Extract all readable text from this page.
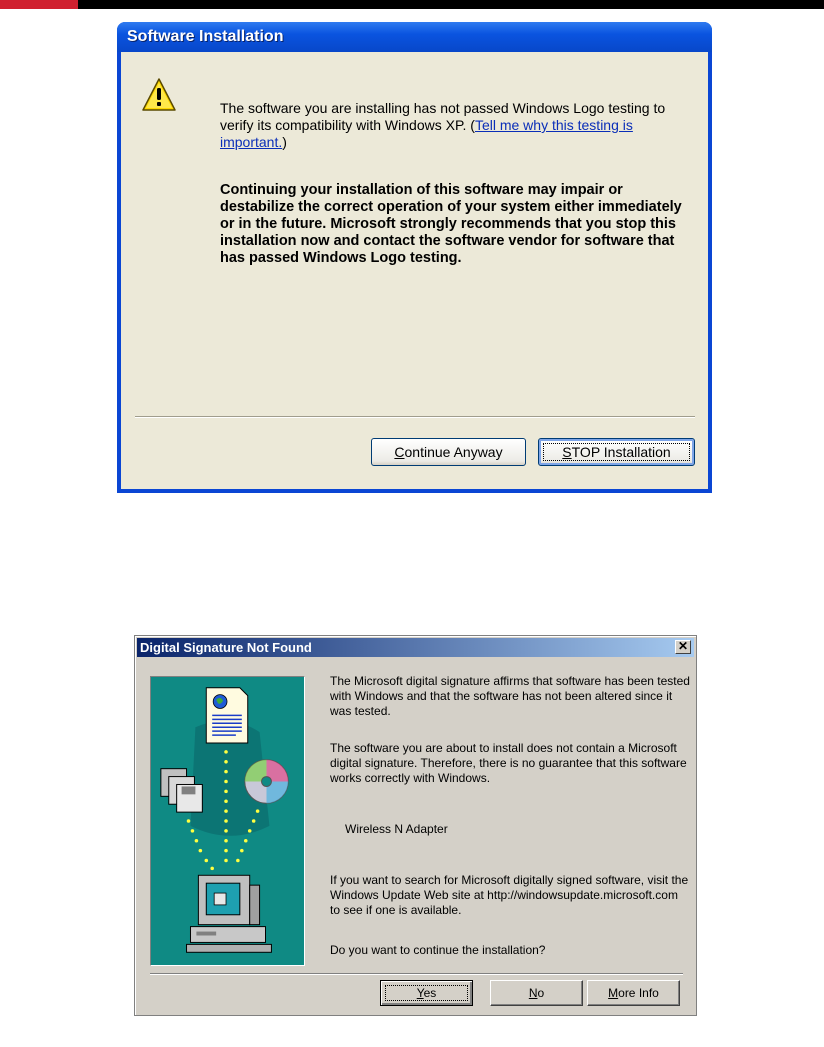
Software Installation
The software you are installing has not passed Windows Logo testing to verify its compatibility with Windows XP. (Tell me why this testing is important.)
Continuing your installation of this software may impair or destabilize the correct operation of your system either immediately or in the future. Microsoft strongly recommends that you stop this installation now and contact the software vendor for software that has passed Windows Logo testing.
Continue Anyway	STOP Installation
Digital Signature Not Found	✕
The Microsoft digital signature affirms that software has been tested with Windows and that the software has not been altered since it was tested.
The software you are about to install does not contain a Microsoft digital signature. Therefore, there is no guarantee that this software works correctly with Windows.
Wireless N Adapter
If you want to search for Microsoft digitally signed software, visit the Windows Update Web site at http://windowsupdate.microsoft.com to see if one is available.
Do you want to continue the installation?
Yes	No	More Info
